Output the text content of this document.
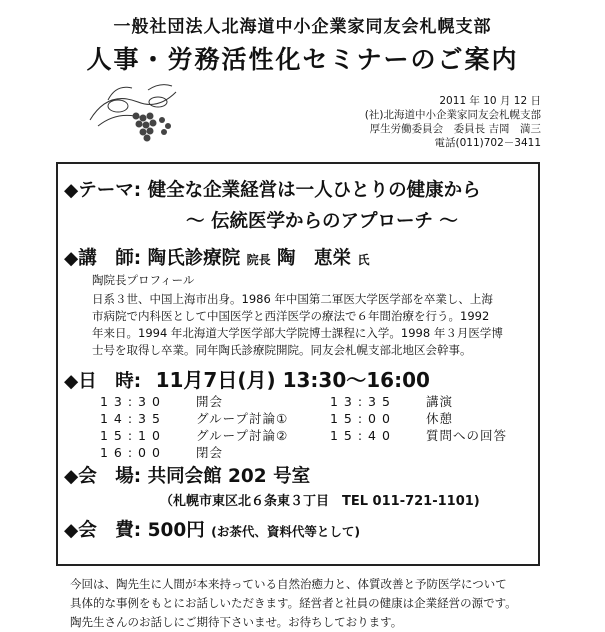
一般社団法人北海道中小企業家同友会札幌支部
人事・労務活性化セミナーのご案内
2011 年 10 月 12 日
(社)北海道中小企業家同友会札幌支部
厚生労働委員会　委員長 吉岡　満三
電話(011)702－3411
◆テーマ: 健全な企業経営は一人ひとりの健康から
～ 伝統医学からのアプローチ ～
◆講　師: 陶氏診療院 院長 陶　恵栄 氏
陶院長プロフィール
日系３世、中国上海市出身。1986 年中国第二軍医大学医学部を卒業し、上海
市病院で内科医として中国医学と西洋医学の療法で６年間治療を行う。1992
年来日。1994 年北海道大学医学部大学院博士課程に入学。1998 年３月医学博
士号を取得し卒業。同年陶氏診療院開院。同友会札幌支部北地区会幹事。
◆日　時: 11月7日(月) 13:30～16:00
1 3 : 3 0	開会
1 4 : 3 5	グループ討論①
1 5 : 1 0	グループ討論②
1 6 : 0 0	閉会
1 3 : 3 5	講演
1 5 : 0 0	休憩
1 5 : 4 0	質問への回答
◆会　場: 共同会館 202 号室
（札幌市東区北６条東３丁目　TEL 011-721-1101)
◆会　費: 500円 (お茶代、資料代等として)
今回は、陶先生に人間が本来持っている自然治癒力と、体質改善と予防医学について
具体的な事例をもとにお話しいただきます。経営者と社員の健康は企業経営の源です。
陶先生さんのお話しにご期待下さいませ。お待ちしております。
